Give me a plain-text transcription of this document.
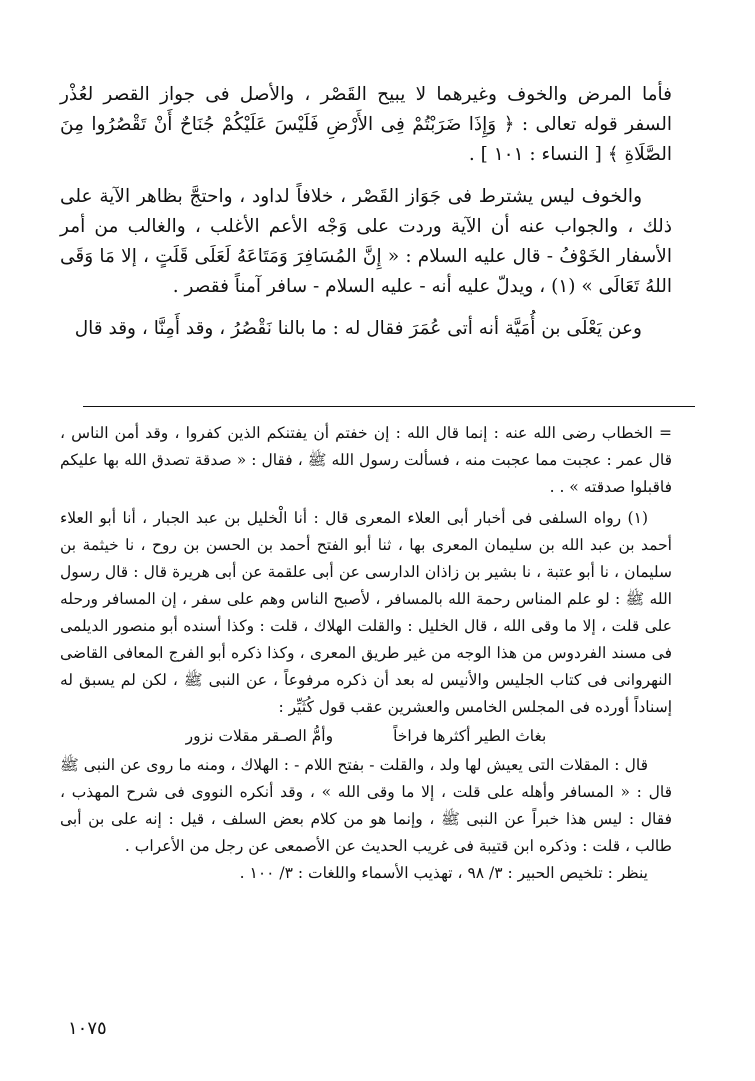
فأما المرض والخوف وغيرهما لا يبيح القَصْر ، والأصل فى جواز القصر لعُذْر السفر قوله تعالى : ﴿ وَإِذَا ضَرَبْتُمْ فِى الأَرْضِ فَلَيْسَ عَلَيْكُمْ جُنَاحٌ أَنْ تَقْصُرُوا مِنَ الصَّلَاةِ ﴾ [ النساء : ١٠١ ] .

والخوف ليس يشترط فى جَوَاز القَصْر ، خلافاً لداود ، واحتجَّ بظاهر الآية على ذلك ، والجواب عنه أن الآية وردت على وَجْه الأعم الأغلب ، والغالب من أمر الأسفار الخَوْفُ - قال عليه السلام : « إِنَّ المُسَافِرَ وَمَتَاعَهُ لَعَلَى قَلَتٍ ، إلا مَا وَقَى اللهُ تَعَالَى » (١) ، ويدلّ عليه أنه - عليه السلام - سافر آمناً فقصر .

وعن يَعْلَى بن أُمَيَّة أنه أتى عُمَرَ فقال له : ما بالنا نَقْصُرُ ، وقد أَمِنَّا ، وقد قال

= الخطاب رضى الله عنه : إنما قال الله : إن خفتم أن يفتنكم الذين كفروا ، وقد أمن الناس ، قال عمر : عجبت مما عجبت منه ، فسألت رسول الله ﷺ ، فقال : « صدقة تصدق الله بها عليكم فاقبلوا صدقته » . .

(١) رواه السلفى فى أخبار أبى العلاء المعرى قال : أنا الْخليل بن عبد الجبار ، أنا أبو العلاء أحمد بن عبد الله بن سليمان المعرى بها ، ثنا أبو الفتح أحمد بن الحسن بن روح ، نا خيثمة بن سليمان ، نا أبو عتبة ، نا بشير بن زاذان الدارسى عن أبى علقمة عن أبى هريرة قال : قال رسول الله ﷺ : لو علم المناس رحمة الله بالمسافر ، لأصبح الناس وهم على سفر ، إن المسافر ورحله على قلت ، إلا ما وقى الله ، قال الخليل : والقلت الهلاك ، قلت : وكذا أسنده أبو منصور الديلمى فى مسند الفردوس من هذا الوجه من غير طريق المعرى ، وكذا ذكره أبو الفرج المعافى القاضى النهروانى فى كتاب الجليس والأنيس له بعد أن ذكره مرفوعاً ، عن النبى ﷺ ، لكن لم يسبق له إسناداً أورده فى المجلس الخامس والعشرين عقب قول كُثَيِّر :

بغاث الطير أكثرها فراخاً
وأمُّ الصـقر مقلات نزور

قال : المقلات التى يعيش لها ولد ، والقلت - بفتح اللام - : الهلاك ، ومنه ما روى عن النبى ﷺ قال : « المسافر وأهله على قلت ، إلا ما وقى الله » ، وقد أنكره النووى فى شرح المهذب ، فقال : ليس هذا خبراً عن النبى ﷺ ، وإنما هو من كلام بعض السلف ، قيل : إنه على بن أبى طالب ، قلت : وذكره ابن قتيبة فى غريب الحديث عن الأصمعى عن رجل من الأعراب .

ينظر : تلخيص الحبير : ٣/ ٩٨ ، تهذيب الأسماء واللغات : ٣/ ١٠٠ .

١٠٧٥
